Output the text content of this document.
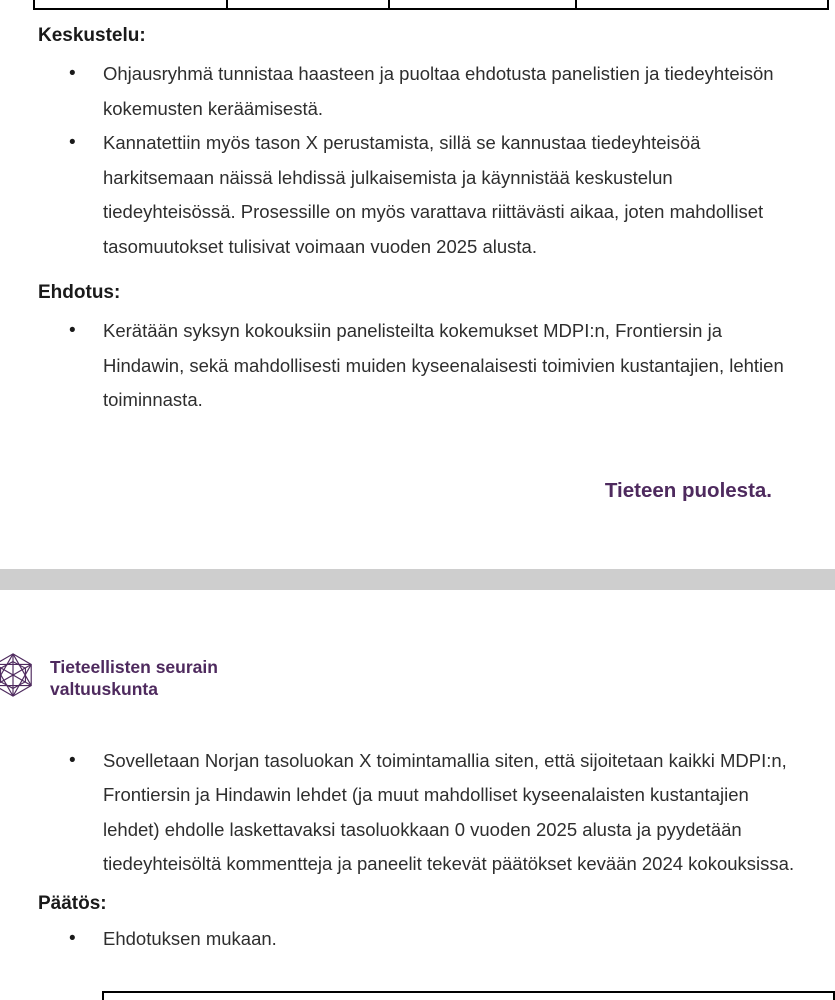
Keskustelu:
• Ohjausryhmä tunnistaa haasteen ja puoltaa ehdotusta panelistien ja tiedeyhteisön kokemusten keräämisestä.
• Kannatettiin myös tason X perustamista, sillä se kannustaa tiedeyhteisöä harkitsemaan näissä lehdissä julkaisemista ja käynnistää keskustelun tiedeyhteisössä. Prosessille on myös varattava riittävästi aikaa, joten mahdolliset tasomuutokset tulisivat voimaan vuoden 2025 alusta.
Ehdotus:
• Kerätään syksyn kokouksiin panelisteilta kokemukset MDPI:n, Frontiersin ja Hindawin, sekä mahdollisesti muiden kyseenalaisesti toimivien kustantajien, lehtien toiminnasta.
Tieteen puolesta.
Tieteellisten seurain
valtuuskunta
• Sovelletaan Norjan tasoluokan X toimintamallia siten, että sijoitetaan kaikki MDPI:n, Frontiersin ja Hindawin lehdet (ja muut mahdolliset kyseenalaisten kustantajien lehdet) ehdolle laskettavaksi tasoluokkaan 0 vuoden 2025 alusta ja pyydetään tiedeyhteisöltä kommentteja ja paneelit tekevät päätökset kevään 2024 kokouksissa.
Päätös:
• Ehdotuksen mukaan.
